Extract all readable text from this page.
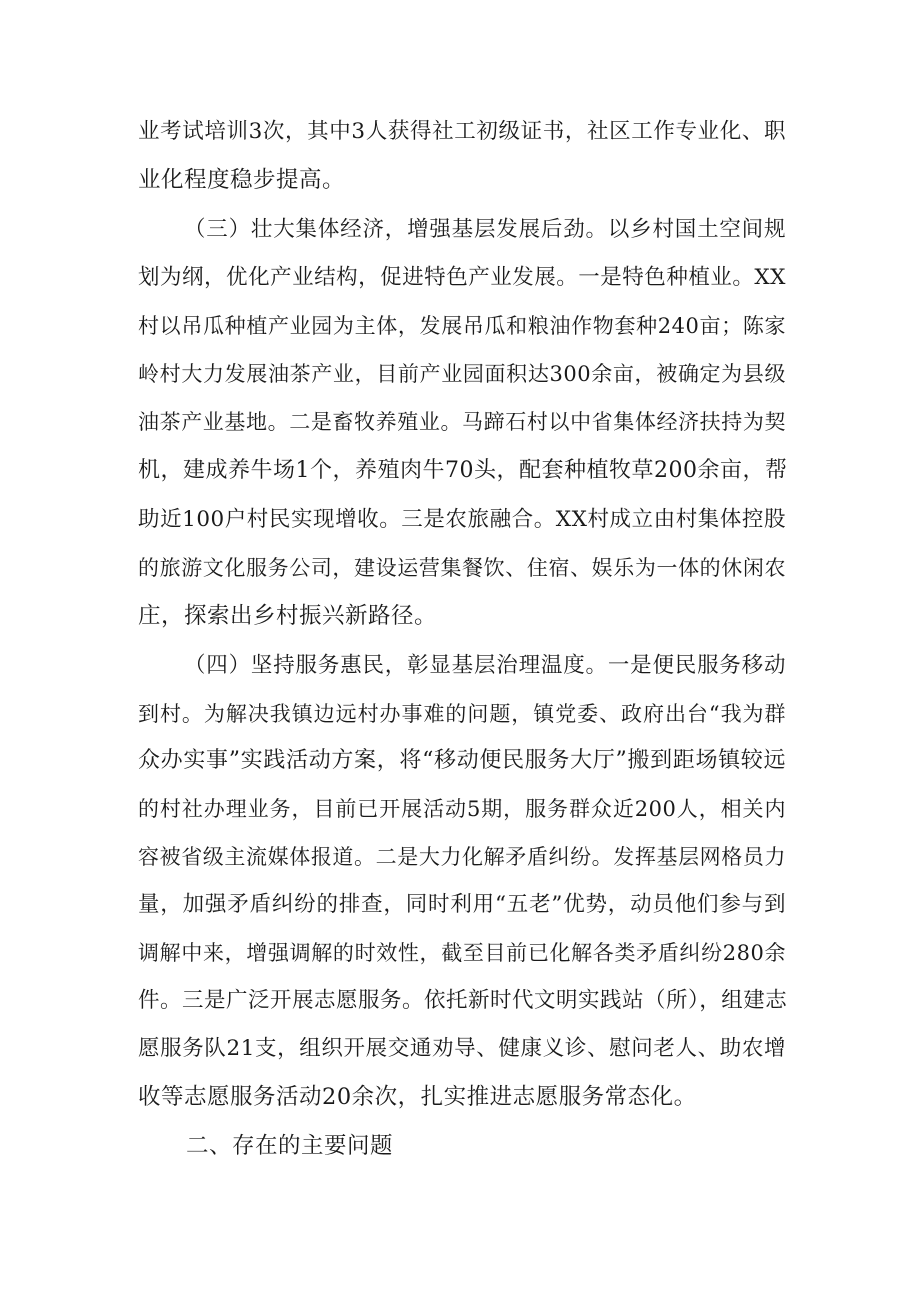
业考试培训3次，其中3人获得社工初级证书，社区工作专业化、职
业化程度稳步提高。
（三）壮大集体经济，增强基层发展后劲。以乡村国土空间规
划为纲，优化产业结构，促进特色产业发展。一是特色种植业。XX
村以吊瓜种植产业园为主体，发展吊瓜和粮油作物套种240亩；陈家
岭村大力发展油茶产业，目前产业园面积达300余亩，被确定为县级
油茶产业基地。二是畜牧养殖业。马蹄石村以中省集体经济扶持为契
机，建成养牛场1个，养殖肉牛70头，配套种植牧草200余亩，帮
助近100户村民实现增收。三是农旅融合。XX村成立由村集体控股
的旅游文化服务公司，建设运营集餐饮、住宿、娱乐为一体的休闲农
庄，探索出乡村振兴新路径。
（四）坚持服务惠民，彰显基层治理温度。一是便民服务移动
到村。为解决我镇边远村办事难的问题，镇党委、政府出台“我为群
众办实事”实践活动方案，将“移动便民服务大厅”搬到距场镇较远
的村社办理业务，目前已开展活动5期，服务群众近200人，相关内
容被省级主流媒体报道。二是大力化解矛盾纠纷。发挥基层网格员力
量，加强矛盾纠纷的排查，同时利用“五老”优势，动员他们参与到
调解中来，增强调解的时效性，截至目前已化解各类矛盾纠纷280余
件。三是广泛开展志愿服务。依托新时代文明实践站（所），组建志
愿服务队21支，组织开展交通劝导、健康义诊、慰问老人、助农增
收等志愿服务活动20余次，扎实推进志愿服务常态化。
二、存在的主要问题
